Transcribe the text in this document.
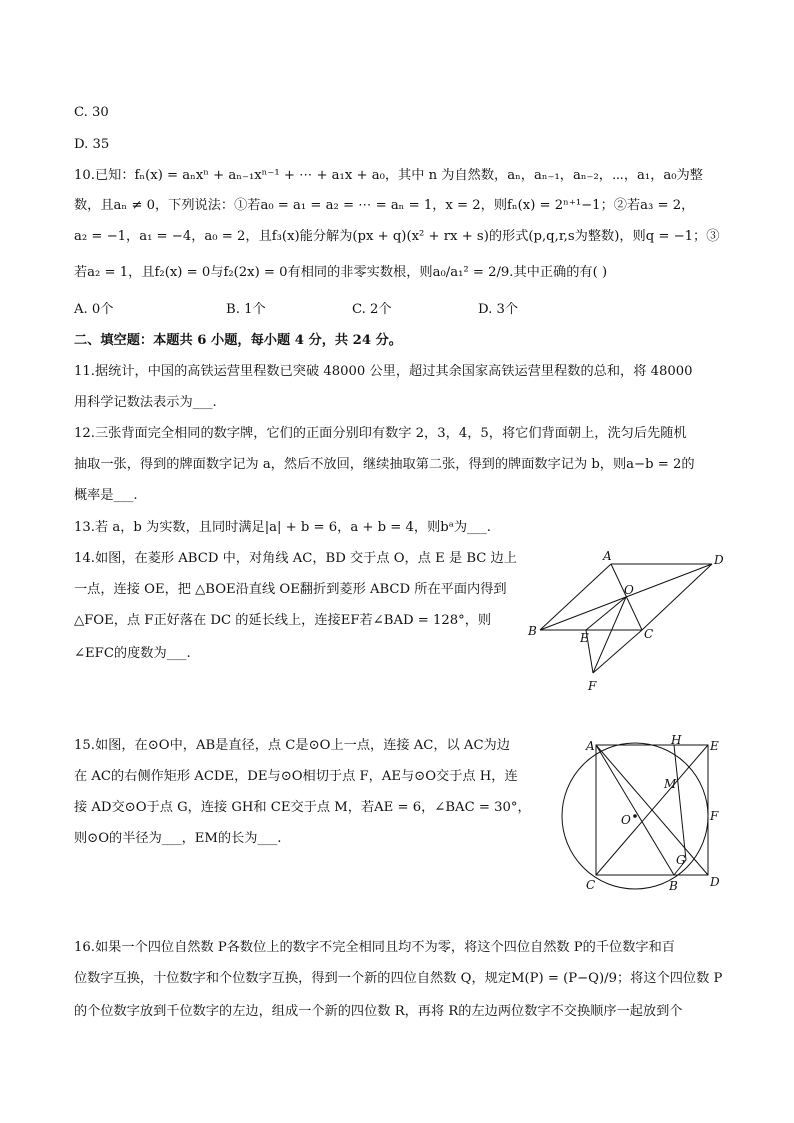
C. 30
D. 35
10.已知：fₙ(x) = aₙxⁿ + aₙ₋₁xⁿ⁻¹ + ⋯ + a₁x + a₀，其中 n 为自然数，aₙ，aₙ₋₁，aₙ₋₂，⋯，a₁，a₀为整
数，且aₙ ≠ 0，下列说法：①若a₀ = a₁ = a₂ = ⋯ = aₙ = 1，x = 2，则fₙ(x) = 2ⁿ⁺¹−1；②若a₃ = 2，
a₂ = −1，a₁ = −4，a₀ = 2，且f₃(x)能分解为(px + q)(x² + rx + s)的形式(p,q,r,s为整数)，则q = −1；③
若a₂ = 1，且f₂(x) = 0与f₂(2x) = 0有相同的非零实数根，则a₀/a₁² = 2/9.其中正确的有( )
A. 0个	B. 1个	C. 2个	D. 3个
二、填空题：本题共 6 小题，每小题 4 分，共 24 分。
11.据统计，中国的高铁运营里程数已突破 48000 公里，超过其余国家高铁运营里程数的总和，将 48000
用科学记数法表示为___.
12.三张背面完全相同的数字牌，它们的正面分别印有数字 2，3，4，5，将它们背面朝上，洗匀后先随机
抽取一张，得到的牌面数字记为 a，然后不放回，继续抽取第二张，得到的牌面数字记为 b，则a−b = 2的
概率是___.
13.若 a，b 为实数，且同时满足|a| + b = 6，a + b = 4，则bᵃ为___.
14.如图，在菱形 ABCD 中，对角线 AC，BD 交于点 O，点 E 是 BC 边上
一点，连接 OE，把 △BOE沿直线 OE翻折到菱形 ABCD 所在平面内得到
△FOE，点 F正好落在 DC 的延长线上，连接EF若∠BAD = 128°，则
∠EFC的度数为___.
A
B	C
D
O
E
F
15.如图，在⊙O中，AB是直径，点 C是⊙O上一点，连接 AC，以 AC为边
在 AC的右侧作矩形 ACDE，DE与⊙O相切于点 F，AE与⊙O交于点 H，连
接 AD交⊙O于点 G，连接 GH和 CE交于点 M，若AE = 6，∠BAC = 30°，
则⊙O的半径为___，EM的长为___.
A	H E
M
O	F
G
C	B	D
16.如果一个四位自然数 P各数位上的数字不完全相同且均不为零，将这个四位自然数 P的千位数字和百
位数字互换，十位数字和个位数字互换，得到一个新的四位自然数 Q，规定M(P) = (P−Q)/9；将这个四位数 P
的个位数字放到千位数字的左边，组成一个新的四位数 R，再将 R的左边两位数字不交换顺序一起放到个
